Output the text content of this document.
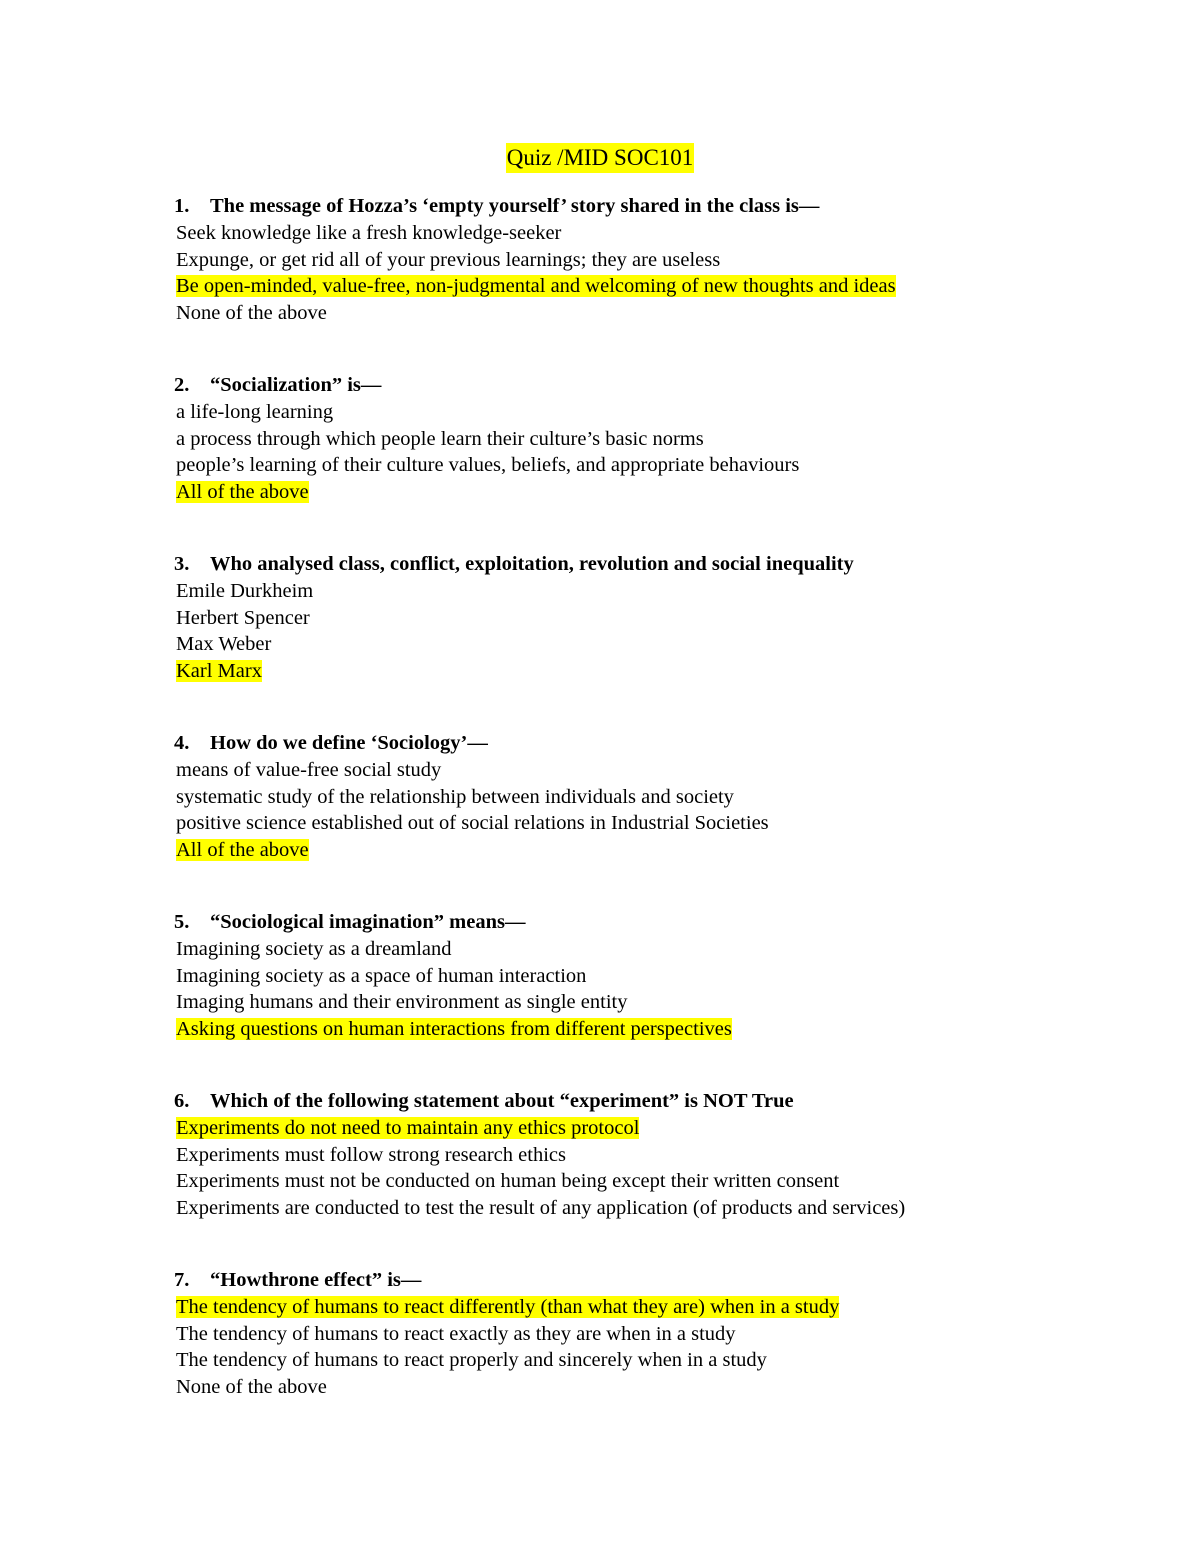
Quiz /MID SOC101
1. The message of Hozza’s ‘empty yourself’ story shared in the class is—
Seek knowledge like a fresh knowledge-seeker
Expunge, or get rid all of your previous learnings; they are useless
Be open-minded, value-free, non-judgmental and welcoming of new thoughts and ideas
None of the above
2. “Socialization” is—
a life-long learning
a process through which people learn their culture’s basic norms
people’s learning of their culture values, beliefs, and appropriate behaviours
All of the above
3. Who analysed class, conflict, exploitation, revolution and social inequality
Emile Durkheim
Herbert Spencer
Max Weber
Karl Marx
4. How do we define ‘Sociology’—
means of value-free social study
systematic study of the relationship between individuals and society
positive science established out of social relations in Industrial Societies
All of the above
5. “Sociological imagination” means—
Imagining society as a dreamland
Imagining society as a space of human interaction
Imaging humans and their environment as single entity
Asking questions on human interactions from different perspectives
6. Which of the following statement about “experiment” is NOT True
Experiments do not need to maintain any ethics protocol
Experiments must follow strong research ethics
Experiments must not be conducted on human being except their written consent
Experiments are conducted to test the result of any application (of products and services)
7. “Howthrone effect” is—
The tendency of humans to react differently (than what they are) when in a study
The tendency of humans to react exactly as they are when in a study
The tendency of humans to react properly and sincerely when in a study
None of the above
